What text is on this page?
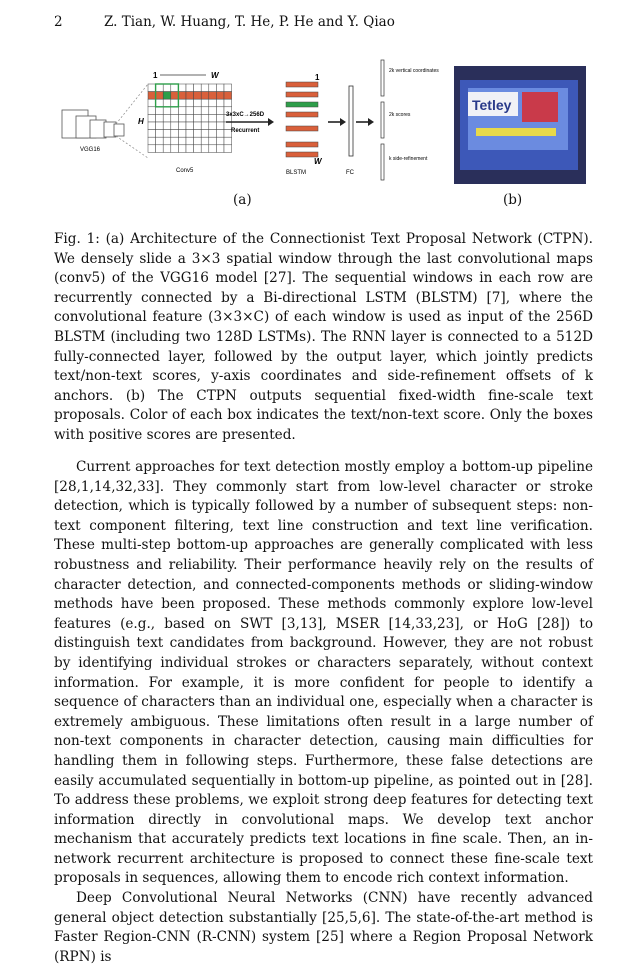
2	Z. Tian, W. Huang, T. He, P. He and Y. Qiao
VGG16
1	W
H
Conv5
3x3xC→256D
Recurrent
1
W
BLSTM	FC
2k vertical coordinates
2k scores
k side-refinement
Tetley
(a)	(b)
Fig. 1: (a) Architecture of the Connectionist Text Proposal Network (CTPN). We densely slide a 3×3 spatial window through the last convolutional maps (conv5) of the VGG16 model [27]. The sequential windows in each row are recurrently connected by a Bi-directional LSTM (BLSTM) [7], where the convolutional feature (3×3×C) of each window is used as input of the 256D BLSTM (including two 128D LSTMs). The RNN layer is connected to a 512D fully-connected layer, followed by the output layer, which jointly predicts text/non-text scores, y-axis coordinates and side-refinement offsets of k anchors. (b) The CTPN outputs sequential fixed-width fine-scale text proposals. Color of each box indicates the text/non-text score. Only the boxes with positive scores are presented.

Current approaches for text detection mostly employ a bottom-up pipeline [28,1,14,32,33]. They commonly start from low-level character or stroke detection, which is typically followed by a number of subsequent steps: non-text component filtering, text line construction and text line verification. These multi-step bottom-up approaches are generally complicated with less robustness and reliability. Their performance heavily rely on the results of character detection, and connected-components methods or sliding-window methods have been proposed. These methods commonly explore low-level features (e.g., based on SWT [3,13], MSER [14,33,23], or HoG [28]) to distinguish text candidates from background. However, they are not robust by identifying individual strokes or characters separately, without context information. For example, it is more confident for people to identify a sequence of characters than an individual one, especially when a character is extremely ambiguous. These limitations often result in a large number of non-text components in character detection, causing main difficulties for handling them in following steps. Furthermore, these false detections are easily accumulated sequentially in bottom-up pipeline, as pointed out in [28]. To address these problems, we exploit strong deep features for detecting text information directly in convolutional maps. We develop text anchor mechanism that accurately predicts text locations in fine scale. Then, an in-network recurrent architecture is proposed to connect these fine-scale text proposals in sequences, allowing them to encode rich context information.

Deep Convolutional Neural Networks (CNN) have recently advanced general object detection substantially [25,5,6]. The state-of-the-art method is Faster Region-CNN (R-CNN) system [25] where a Region Proposal Network (RPN) is
